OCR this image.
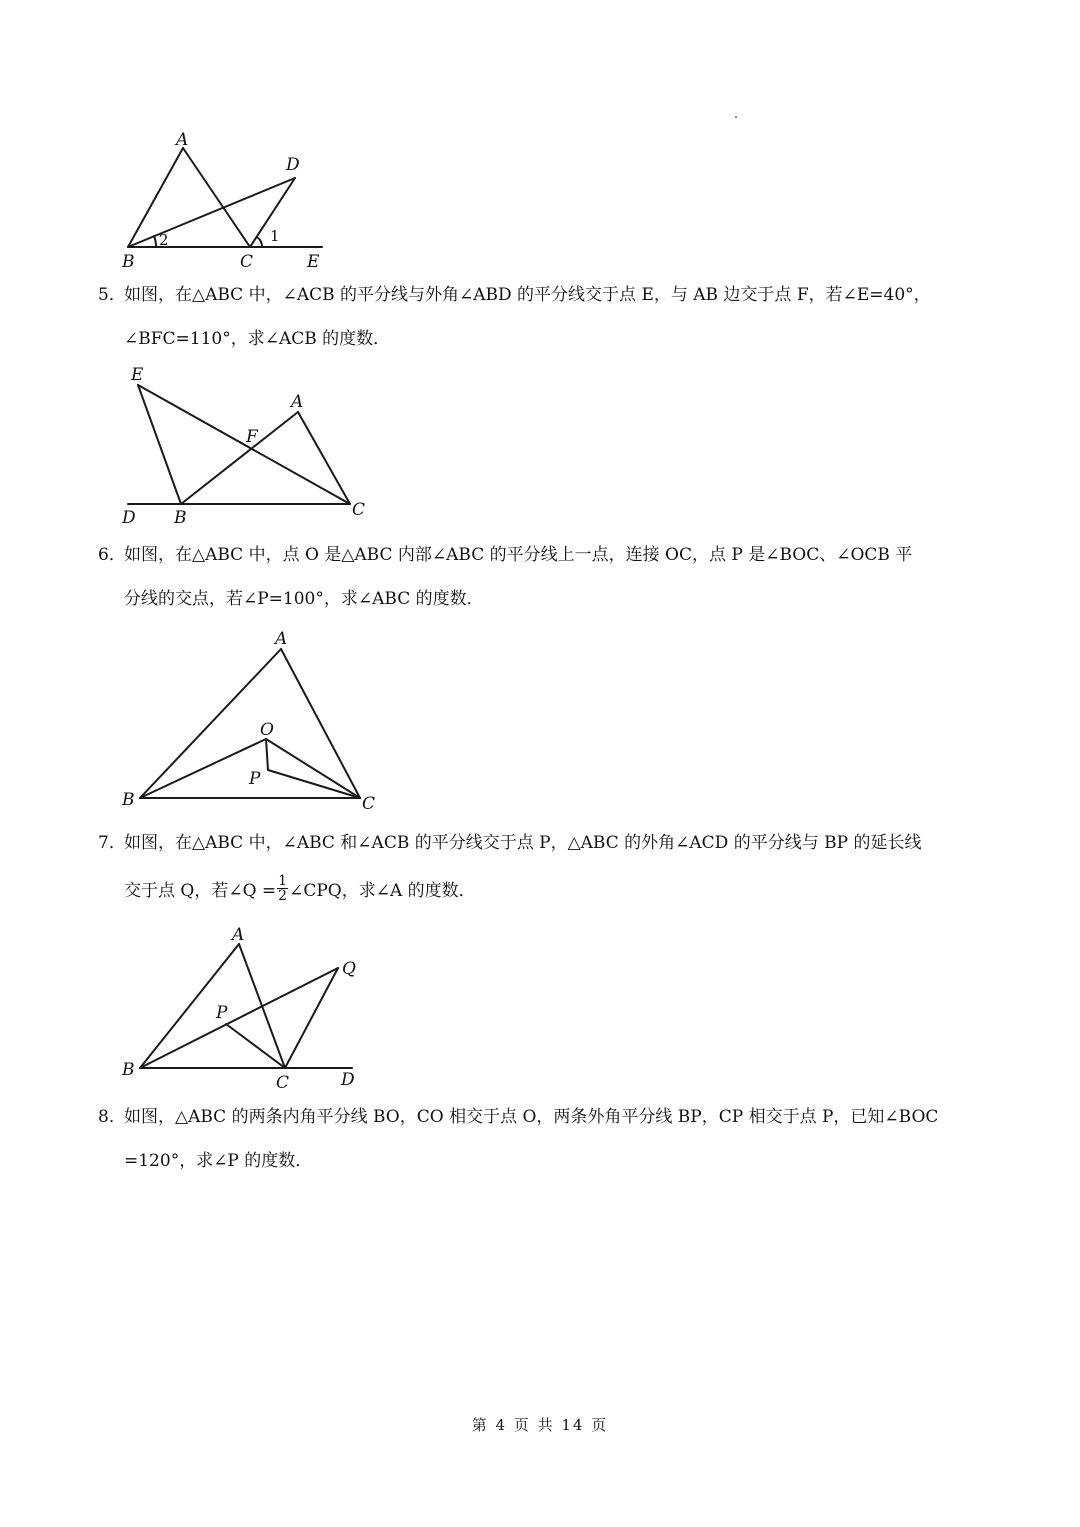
A
D
B	C	E
2	1
5．
如图，在△ABC 中，∠ACB 的平分线与外角∠ABD 的平分线交于点 E，与 AB 边交于点 F，若∠E=40°，
∠BFC=110°，求∠ACB 的度数．
E
A
F
D B	C
6．
如图，在△ABC 中，点 O 是△ABC 内部∠ABC 的平分线上一点，连接 OC，点 P 是∠BOC、∠OCB 平
分线的交点，若∠P=100°，求∠ABC 的度数．
A
O
P
B	C
7．
如图，在△ABC 中，∠ABC 和∠ACB 的平分线交于点 P，△ABC 的外角∠ACD 的平分线与 BP 的延长线
交于点 Q，若∠Q = $\frac{1}{2}$ ∠CPQ，求∠A 的度数．
A
Q
P
B
C	D
8．
如图，△ABC 的两条内角平分线 BO，CO 相交于点 O，两条外角平分线 BP，CP 相交于点 P，已知∠BOC
=120°，求∠P 的度数．
第 4 页 共 14 页
